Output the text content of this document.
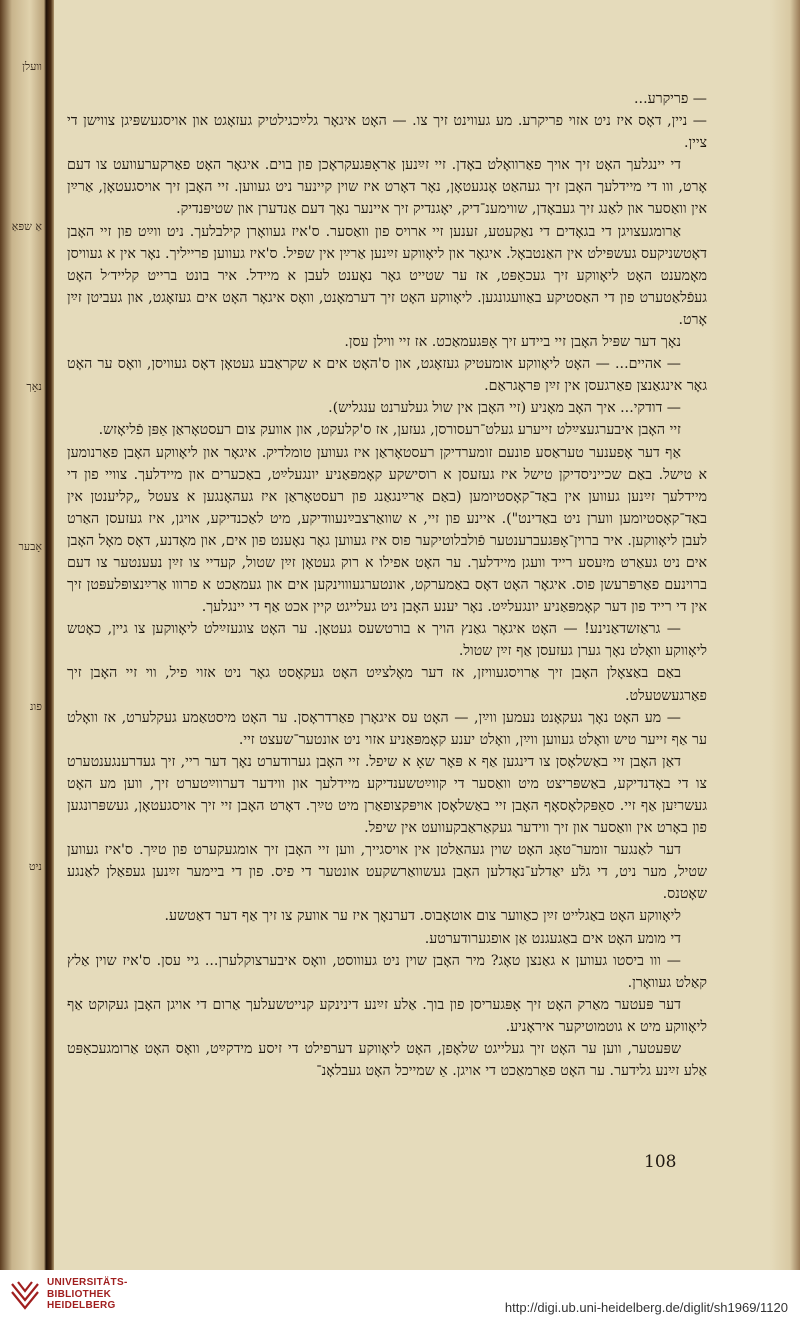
וועלן
אַ שפּאַ
נאָך
אָבער
פונ
ניט

— פריקרע...

— ניין, דאָס איז ניט אזוי פריקרע. מע געווינט זיך צו. — האָט איגאָר גלײַכגילטיק געזאָגט און אויסגעשפּיגן צווישן די ציין.

די יינגלעך האָט זיך אויך פאַרוואָלט באָדן. זיי זײַנען אַראָפּגעקראָכן פון בוים. איגאָר האָט פאַרקערעוועט צו דעם אָרט, ווו די מיידלעך האָבן זיך געהאַט אָנגעטאָן, נאָר דאָרט איז שוין קיינער ניט געווען. זיי האָבן זיך אויסגעטאָן, אַרײַן אין וואַסער און לאַנג זיך געבאָדן, שווימענ־דיק, יאָגנדיק זיך איינער נאָך דעם אַנדערן און שטיפּנדיק.

אַרומגעצויגן די בגאָדים די נאַקעטע, זענען זיי ארויס פון וואַסער. ס'איז געוואָרן קילבלעך. ניט ווײַט פון זיי האָבן דאָטשניקעס געשפּילט אין האַנטבאָל. איגאָר און ליאָווקע זײַנען אַרײַן אין שפּיל. ס'איז געווען פרייליך. נאָר אין א געוויסן מאָמענט האָט ליאָווקע זיך געכאַפּט, אז ער שטייט גאָר נאָענט לעבן א מיידל. איר בונט ברייט קלייד׳ל האָט געפֿלאַטערט פון די האַסטיקע באַוועגונגען. ליאָווקע האָט זיך דערמאָנט, וואָס איגאָר האָט אים געזאָגט, און געביטן זײַן אָרט.

נאָך דער שפּיל האָבן זיי ביידע זיך אָפּגעמאַכט. אז זיי ווילן עסן.

— אהיים... — האָט ליאָווקע אומעטיק געזאָגט, און ס'האָט אים א שקראַבע געטאָן דאָס געוויסן, וואָס ער האָט גאָר אינגאַנצן פאַרגעסן אין זײַן פּראָגראַם.

— דודקי... איך האָב מאָניע (זיי האָבן אין שול געלערנט ענגליש).

זיי האָבן איבערגעצײַלט זייערע געלט־רעסורסן, געזען, אז ס'קלעקט, און אוועק צום רעסטאָראַן אַפּן פֿליאָזש.

אַף דער אָפענער טעראַסע פונעם זומערדיקן רעסטאָראַן איז געווען טומלדיק. איגאָר און ליאָווקע האָבן פאַרנומען א טישל. באַם שכייניסדיקן טישל איז געזעסן א רוסישקע קאָמפּאַניע יונגעלײַט, באַכערים און מיידלעך. צוויי פון די מיידלעך זײַנען געווען אין באַד־קאָסטיומען (באַם אַרײַנגאַנג פון רעסטאָראַן איז געהאָנגען א צעטל „קליענטן אין באַד־קאָסטיומען ווערן ניט באַדינט"). איינע פון זיי, א שוואַרצבײַנעוודיקע, מיט לאַכנדיקע, אויגן, איז געזעסן האַרט לעבן ליאָווקען. איר ברוין־אָפּגעברענטער פֿולבלוטיקער פוס איז געווען גאָר נאָענט פון אים, און מאָדנע, דאָס מאָל האָבן אים ניט געאַרט מיִעסע רייד וועגן מיידלעך. ער האָט אפילו א רוק געטאָן זײַן שטול, קעדיי צו זײַן נעענטער צו דעם ברוינעם פאַרפּרעשן פוס. איגאָר האָט דאָס באַמערקט, אונטערגעוווינקען אים און געמאַכט א פרווו אַרײַנצופּלעפּטן זיך אין די רייד פון דער קאָמפּאַניע יונגעלײַט. נאָר יענע האָבן ניט געלייגט קיין אכט אַף די יינגלעך.

— גראַזשדאַנינע! — האָט איגאָר גאַנץ הויך א בורטשעס געטאָן. ער האָט צוגעזײַלט ליאָווקען צו גיין, כאָטש ליאָווקע וואָלט נאָך גערן געזעסן אַף זײַן שטול.

באַם באַצאָלן האָבן זיך אַרויסגעוויזן, אז דער מאָלצײַט האָט געקאָסט גאָר ניט אזוי פיל, ווי זיי האָבן זיך פאַרגעשטעלט.

— מע האָט נאָך געקאָנט נעמען ווײַן, — האָט עס איגאָרן פאַרדראָסן. ער האָט מיסטאַמע געקלערט, אז וואָלט ער אַף זייער טיש וואָלט געווען ווײַן, וואָלט יענע קאָמפּאַניע אזוי ניט אונטער־שעצט זיי.

דאַן האָבן זיי באַשלאָסן צו דינגען אַף א פּאָר שאָ א שיפל. זיי האָבן גערודערט נאָך דער ריי, זיך געדרענגענטערט צו די באָדנדיקע, באַשפּריצט מיט וואַסער די קווײַטשענדיקע מיידלעך און ווידער דערווײַטערט זיך, ווען מע האָט געשריִען אַף זיי. סאַפּקלאָסאָף האָבן זיי באַשלאָסן אויפּקצופאַרן מיט טײַך. דאָרט האָבן זיי זיך אויסגעטאָן, געשפּרונגען פון באָרט אין וואַסער און זיך ווידער געקאַראַבקעוועט אין שיפל.

דער לאַנגער זומער־טאָג האָט שוין געהאַלטן אין אויסגייך, ווען זיי האָבן זיך אומגעקערט פון טײַך. ס'איז געווען שטיל, מער ניט, די גלֿע יאַדלע־נאָדלען האָבן געשוואַרשקעט אונטער די פיס. פון די ביימער זײַנען געפאַלן לאַנגע שאָטנס.

ליאָווקע האָט באַגלייט זײַן כאַווער צום אוטאָבוס. דערנאָך איז ער אוועק צו זיך אַף דער דאַטשע.

די מומע האָט אים באַגעגנט אַן אופגערודערטע.

— ווו ביסטו געווען א גאַנצן טאָג? מיר האָבן שוין ניט געוווסט, וואָס איבערצוקלערן... גיי עסן. ס'איז שוין אַלץ קאַלט געוואָרן.

דער פּעטער מאַרק האָט זיך אָפּגעריסן פון בוך. אַלע זײַנע דינינקע קנייטשעלעך אַרום די אויגן האָבן געקוקט אַף ליאָווקע מיט א גוטמוטיקער איראָניע.

שפּעטער, ווען ער האָט זיך געלייגט שלאָפן, האָט ליאָווקע דערפילט די זיסע מידקײַט, וואָס האָט אַרומגעכאַפּט אַלע זײַנע גלידער. ער האָט פאַרמאַכט די אויגן. אַ שמייכל האָט געבלאָנ־

108
UNIVERSITÄTS-
BIBLIOTHEK
HEIDELBERG	http://digi.ub.uni-heidelberg.de/diglit/sh1969/1120
